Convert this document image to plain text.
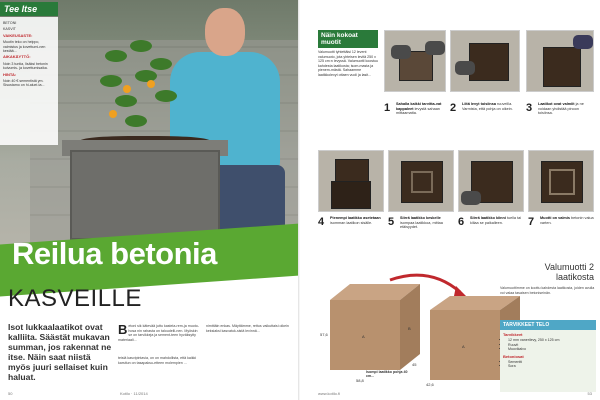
Tee Itse
BETONI
KASVIT
VAIKEUSASTE:
Muotin teko on helppo, valmistus ja kovettumi-nen kestää...
AIKAKÄYTTÖ:
Noin 3 tuntia, lisäksi betonin kuivumis- ja kovettumisaika.
HINTA:
Noin 40 € sementistä ym. Sisustamo on hi-aluei-ta...
Reilua betonia
KASVEILLE
Isot lukkaalaatikot ovat kalliita. Säästät mukavan summan, jos rakennat ne itse. Näin saat niistä myös juuri sellaiset kuin haluat.
B etoni sik kätevää juttu kastela-rem-ja muoto-hosa nin rahasta on taloudelli-nen. Myöskin se on tarvikkeja ja sement-teen hyväksytty materiaali...
nimittäin enkas. Mäyttämme, rettus vaikuttaisi oikein keksiaksi kasvatuk-sistä levinnä...
teisiä kasvipintavia, on on mahdollista, että kaikki karsitun on tasapaksu-etteen molempien ...
50	Kotilo · 11/2014
Näin kokoat muotit
Valumuotti tyhtettäisi 12 levent valumuoto, jota yhteisen levitä 250 x 125 cm:n levyssä. Valumuotti koostuu kahdesta laatikosta; isom-masta ja pienem-mästä. Sahaamme laatikkolevyt ottaen vuoli ja lasit...
1 Sahalla kaikki tarvitta-vat kappaleet levystä sahaan mittaamatta.	2 Liitä levyt toisiinsa ruuveilla. Varmista, että pohja on oikein.	3 Laatikot ovat valmiit ja ne voidaan yhdistää pinoon toisiinsa.
4 Pienempi laatikko asetetaan isomman laatikon sisälle.	5 Siirrä laatikko keskelle isompaa laatikkoa, mittaa etäisyydet.	6 Siirrä laatikko kiinni tuella tai kiilaa se paikalleen.	7 Muotti on valmis betonin valua varten.
A
B
A
57,6
58,8
45
42,6
Isompi laatikko pohja 40 cm...
Valumuotti 2 laatikosta
Valumuottimme on koottu kahdesta laatikosta, joiden avulla voi valaa tasaisen betoniseinän.
TARVIKKEET TELO
Tarvikkeet
• 12 mm vanerilevy, 250 x 125 cm
• Ruuvit
• Muovikalvo
Betoniosat
• Sementti
• Sora
53
www.kotilo.fi
